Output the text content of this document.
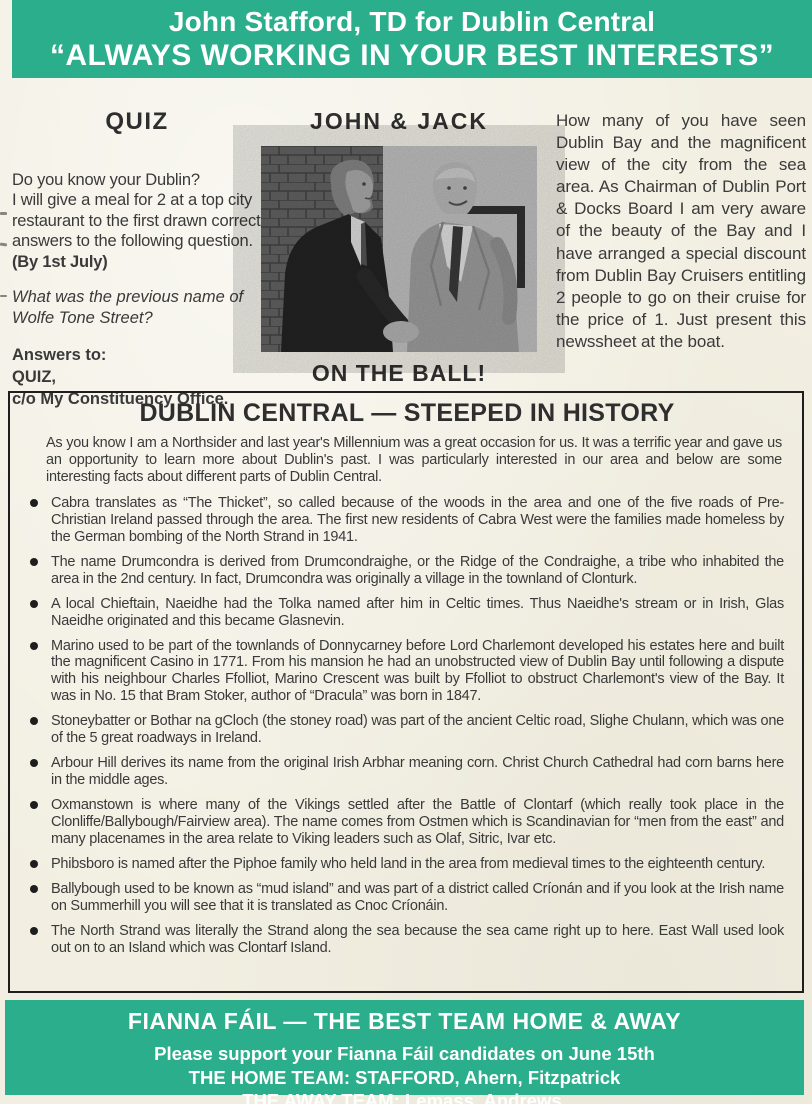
John Stafford, TD for Dublin Central
“ALWAYS WORKING IN YOUR BEST INTERESTS”
QUIZ

Do you know your Dublin?
I will give a meal for 2 at a top city restaurant to the first drawn correct answers to the following question. (By 1st July)

What was the previous name of Wolfe Tone Street?

Answers to:
QUIZ,
c/o My Constituency Office.

JOHN & JACK
ON THE BALL!

How many of you have seen Dublin Bay and the magnificent view of the city from the sea area. As Chairman of Dublin Port & Docks Board I am very aware of the beauty of the Bay and I have arranged a special discount from Dublin Bay Cruisers entitling 2 people to go on their cruise for the price of 1. Just present this newssheet at the boat.

DUBLIN CENTRAL — STEEPED IN HISTORY

As you know I am a Northsider and last year's Millennium was a great occasion for us. It was a terrific year and gave us an opportunity to learn more about Dublin's past. I was particularly interested in our area and below are some interesting facts about different parts of Dublin Central.

Cabra translates as “The Thicket”, so called because of the woods in the area and one of the five roads of Pre-Christian Ireland passed through the area. The first new residents of Cabra West were the families made homeless by the German bombing of the North Strand in 1941.
The name Drumcondra is derived from Drumcondraighe, or the Ridge of the Condraighe, a tribe who inhabited the area in the 2nd century. In fact, Drumcondra was originally a village in the townland of Clonturk.
A local Chieftain, Naeidhe had the Tolka named after him in Celtic times. Thus Naeidhe's stream or in Irish, Glas Naeidhe originated and this became Glasnevin.
Marino used to be part of the townlands of Donnycarney before Lord Charlemont developed his estates here and built the magnificent Casino in 1771. From his mansion he had an unobstructed view of Dublin Bay until following a dispute with his neighbour Charles Ffolliot, Marino Crescent was built by Ffolliot to obstruct Charlemont's view of the Bay. It was in No. 15 that Bram Stoker, author of “Dracula” was born in 1847.
Stoneybatter or Bothar na gCloch (the stoney road) was part of the ancient Celtic road, Slighe Chulann, which was one of the 5 great roadways in Ireland.
Arbour Hill derives its name from the original Irish Arbhar meaning corn. Christ Church Cathedral had corn barns here in the middle ages.
Oxmanstown is where many of the Vikings settled after the Battle of Clontarf (which really took place in the Clonliffe/Ballybough/Fairview area). The name comes from Ostmen which is Scandinavian for “men from the east” and many placenames in the area relate to Viking leaders such as Olaf, Sitric, Ivar etc.
Phibsboro is named after the Piphoe family who held land in the area from medieval times to the eighteenth century.
Ballybough used to be known as “mud island” and was part of a district called Críonán and if you look at the Irish name on Summerhill you will see that it is translated as Cnoc Críonáin.
The North Strand was literally the Strand along the sea because the sea came right up to here. East Wall used look out on to an Island which was Clontarf Island.
FIANNA FÁIL — THE BEST TEAM HOME & AWAY
Please support your Fianna Fáil candidates on June 15th
THE HOME TEAM: STAFFORD, Ahern, Fitzpatrick
THE AWAY TEAM: Lemass, Andrews.
